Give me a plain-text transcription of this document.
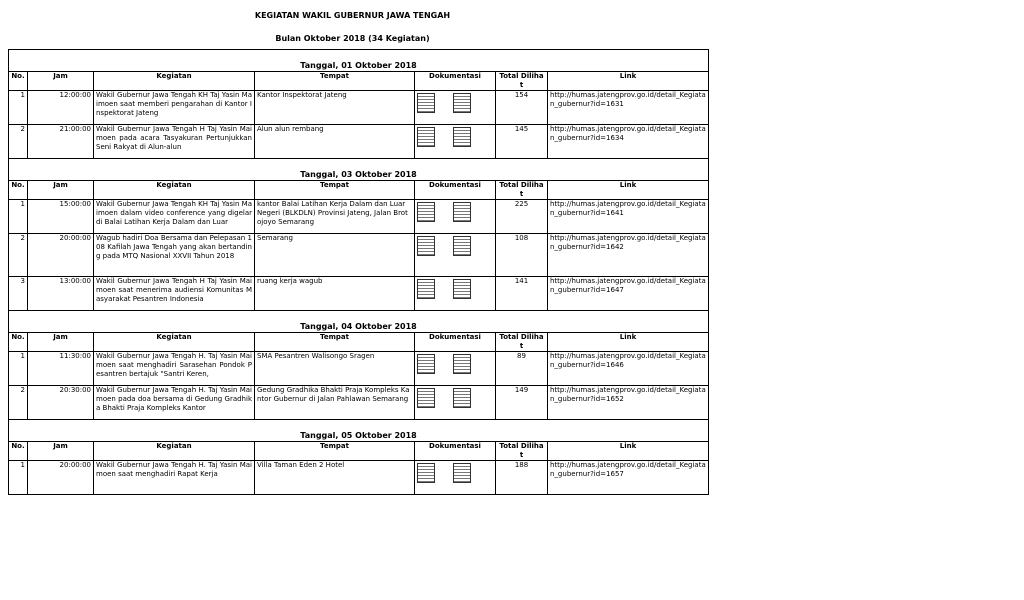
KEGIATAN WAKIL GUBERNUR JAWA TENGAH
Bulan Oktober 2018 (34 Kegiatan)
Tanggal, 01 Oktober 2018						
No.	Jam	Kegiatan	Tempat	Dokumentasi	Total Dilihat	Link
1	12:00:00	Wakil Gubernur Jawa Tengah KH Taj Yasin Maimoen saat memberi pengarahan di Kantor Inspektorat Jateng	Kantor Inspektorat Jateng		154	http://humas.jatengprov.go.id/detail_Kegiatan_gubernur?id=1631
2	21:00:00	Wakil Gubernur Jawa Tengah H Taj Yasin Maimoen pada acara Tasyakuran Pertunjukkan Seni Rakyat di Alun-alun	Alun alun rembang		145	http://humas.jatengprov.go.id/detail_Kegiatan_gubernur?id=1634
Tanggal, 03 Oktober 2018						
No.	Jam	Kegiatan	Tempat	Dokumentasi	Total Dilihat	Link
1	15:00:00	Wakil Gubernur Jawa Tengah KH Taj Yasin Maimoen dalam video conference yang digelar di Balai Latihan Kerja Dalam dan Luar	kantor Balai Latihan Kerja Dalam dan Luar Negeri (BLKDLN) Provinsi Jateng, Jalan Brotojoyo Semarang		225	http://humas.jatengprov.go.id/detail_Kegiatan_gubernur?id=1641
2	20:00:00	Wagub hadiri Doa Bersama dan Pelepasan 108 Kafilah Jawa Tengah yang akan bertanding pada MTQ Nasional XXVII Tahun 2018	Semarang		108	http://humas.jatengprov.go.id/detail_Kegiatan_gubernur?id=1642
3	13:00:00	Wakil Gubernur Jawa Tengah H Taj Yasin Maimoen saat menerima audiensi Komunitas Masyarakat Pesantren Indonesia	ruang kerja wagub		141	http://humas.jatengprov.go.id/detail_Kegiatan_gubernur?id=1647
Tanggal, 04 Oktober 2018						
No.	Jam	Kegiatan	Tempat	Dokumentasi	Total Dilihat	Link
1	11:30:00	Wakil Gubernur Jawa Tengah H. Taj Yasin Maimoen saat menghadiri Sarasehan Pondok Pesantren bertajuk "Santri Keren,	SMA Pesantren Walisongo Sragen		89	http://humas.jatengprov.go.id/detail_Kegiatan_gubernur?id=1646
2	20:30:00	Wakil Gubernur Jawa Tengah H. Taj Yasin Maimoen pada doa bersama di Gedung Gradhika Bhakti Praja Kompleks Kantor	Gedung Gradhika Bhakti Praja Kompleks Kantor Gubernur di Jalan Pahlawan Semarang		149	http://humas.jatengprov.go.id/detail_Kegiatan_gubernur?id=1652
Tanggal, 05 Oktober 2018						
No.	Jam	Kegiatan	Tempat	Dokumentasi	Total Dilihat	Link
1	20:00:00	Wakil Gubernur Jawa Tengah H. Taj Yasin Maimoen saat menghadiri Rapat Kerja	Villa Taman Eden 2 Hotel		188	http://humas.jatengprov.go.id/detail_Kegiatan_gubernur?id=1657
